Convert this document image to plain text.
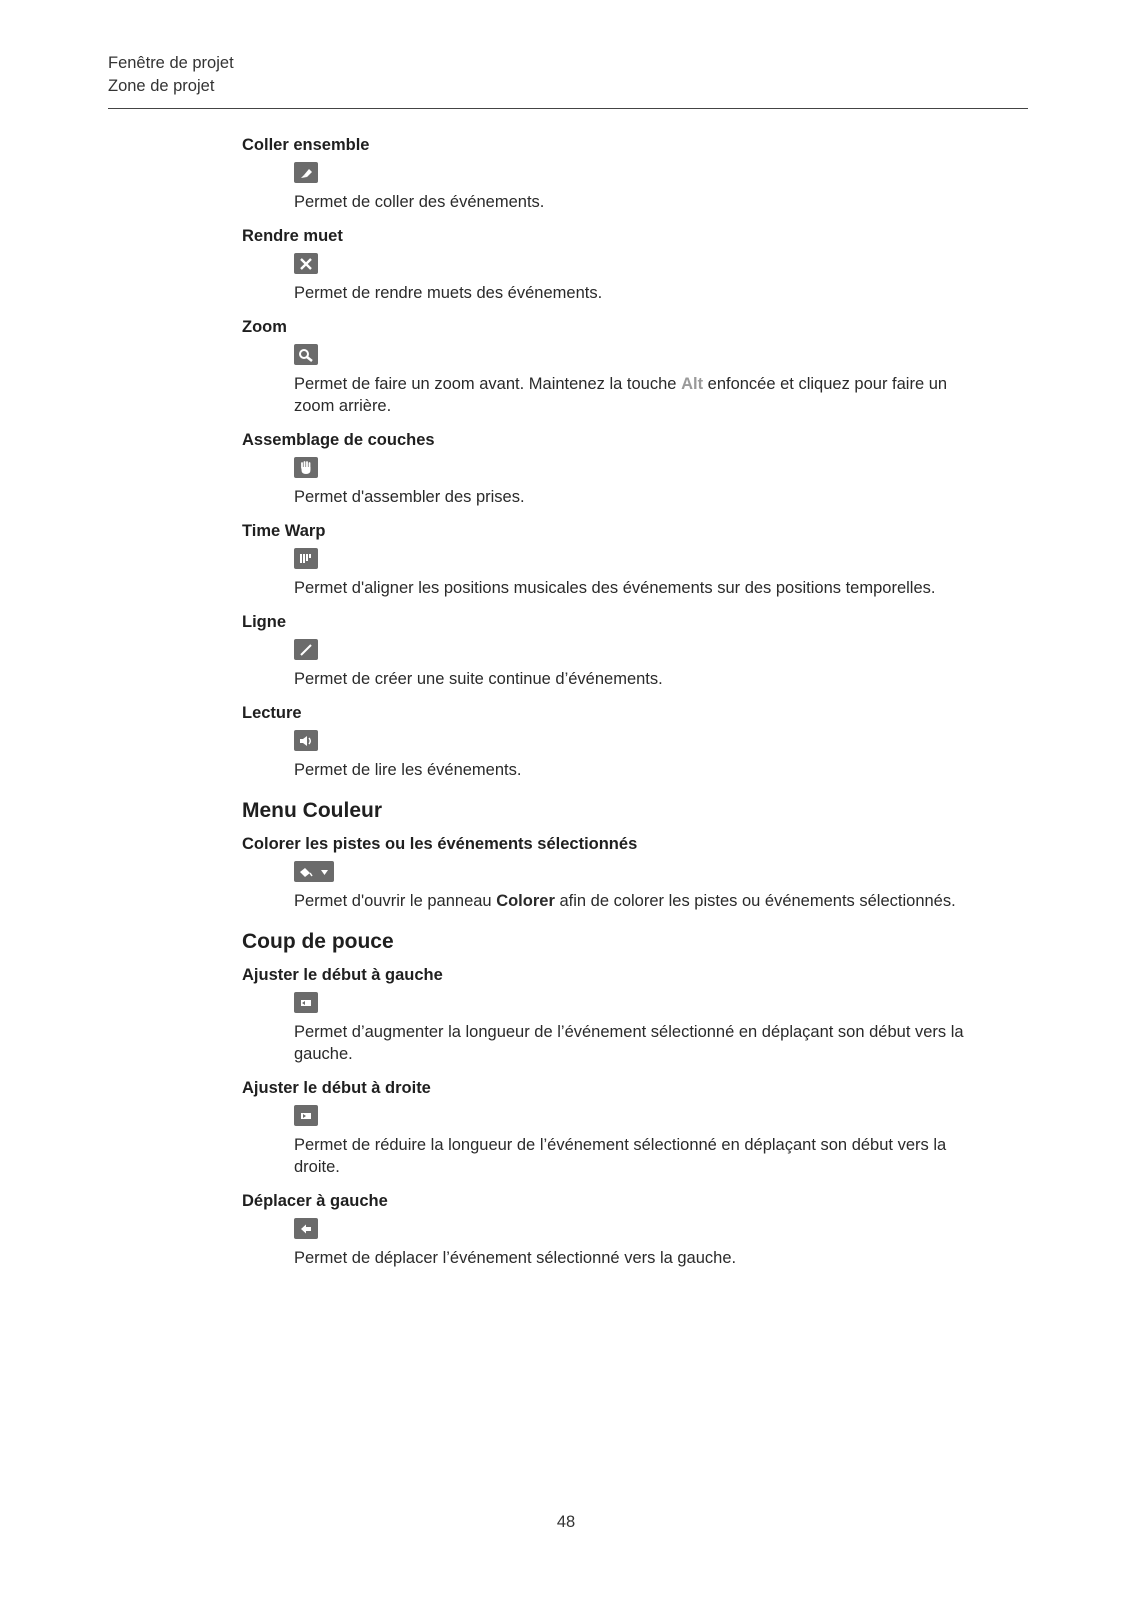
Fenêtre de projet
Zone de projet
Coller ensemble
Permet de coller des événements.
Rendre muet
Permet de rendre muets des événements.
Zoom
Permet de faire un zoom avant. Maintenez la touche Alt enfoncée et cliquez pour faire un zoom arrière.
Assemblage de couches
Permet d'assembler des prises.
Time Warp
Permet d'aligner les positions musicales des événements sur des positions temporelles.
Ligne
Permet de créer une suite continue d’événements.
Lecture
Permet de lire les événements.
Menu Couleur
Colorer les pistes ou les événements sélectionnés
Permet d'ouvrir le panneau Colorer afin de colorer les pistes ou événements sélectionnés.
Coup de pouce
Ajuster le début à gauche
Permet d’augmenter la longueur de l’événement sélectionné en déplaçant son début vers la gauche.
Ajuster le début à droite
Permet de réduire la longueur de l’événement sélectionné en déplaçant son début vers la droite.
Déplacer à gauche
Permet de déplacer l’événement sélectionné vers la gauche.
48
